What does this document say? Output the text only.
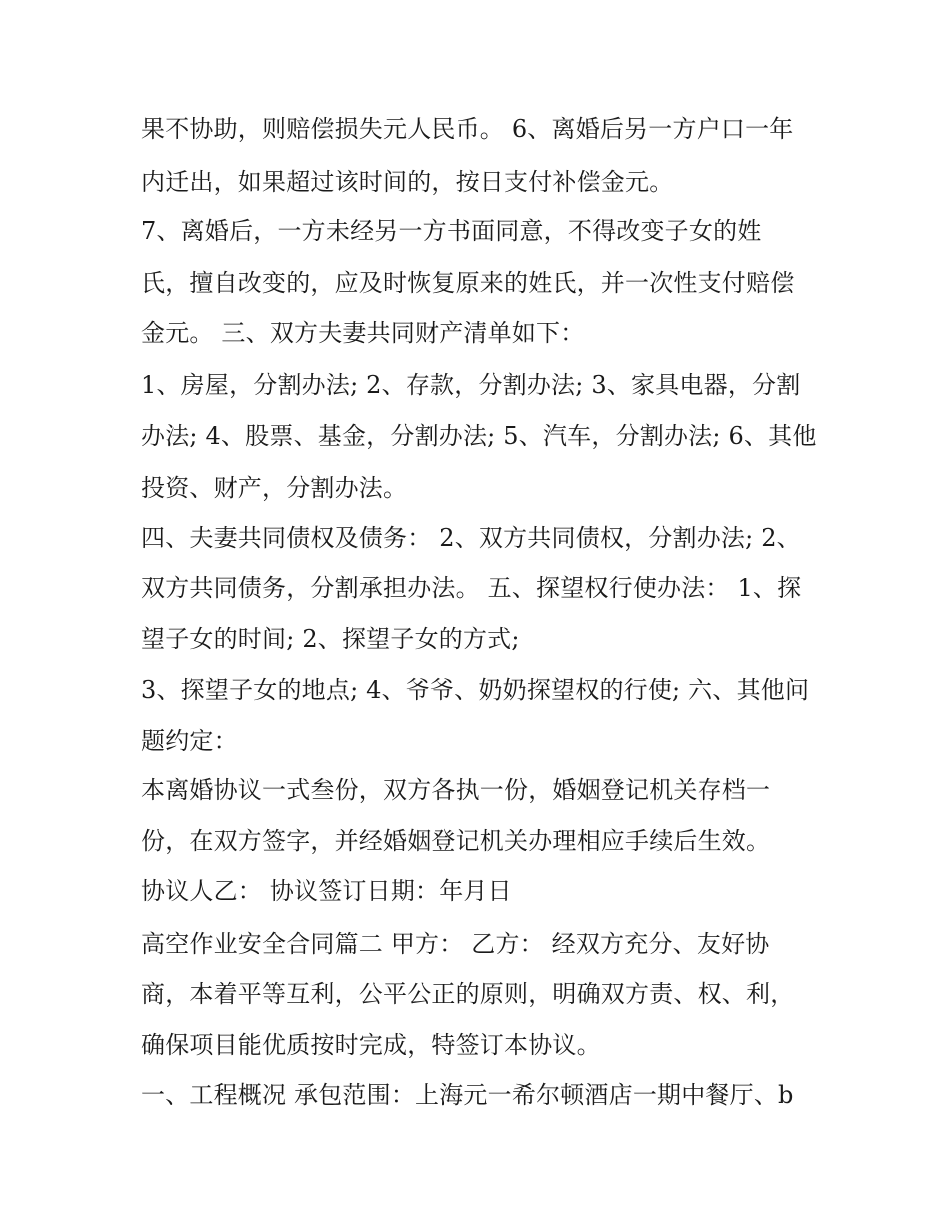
果不协助，则赔偿损失元人民币。 6、离婚后另一方户口一年

内迁出，如果超过该时间的，按日支付补偿金元。

7、离婚后，一方未经另一方书面同意，不得改变子女的姓

氏，擅自改变的，应及时恢复原来的姓氏，并一次性支付赔偿

金元。 三、双方夫妻共同财产清单如下：

1、房屋，分割办法; 2、存款，分割办法; 3、家具电器，分割

办法; 4、股票、基金，分割办法; 5、汽车，分割办法; 6、其他

投资、财产，分割办法。

四、夫妻共同债权及债务： 2、双方共同债权，分割办法; 2、

双方共同债务，分割承担办法。 五、探望权行使办法： 1、探

望子女的时间; 2、探望子女的方式;

3、探望子女的地点; 4、爷爷、奶奶探望权的行使; 六、其他问

题约定：

本离婚协议一式叁份，双方各执一份，婚姻登记机关存档一

份，在双方签字，并经婚姻登记机关办理相应手续后生效。

协议人乙： 协议签订日期：年月日

高空作业安全合同篇二 甲方： 乙方： 经双方充分、友好协

商，本着平等互利，公平公正的原则，明确双方责、权、利，

确保项目能优质按时完成，特签订本协议。

一、工程概况 承包范围：上海元一希尔顿酒店一期中餐厅、b
